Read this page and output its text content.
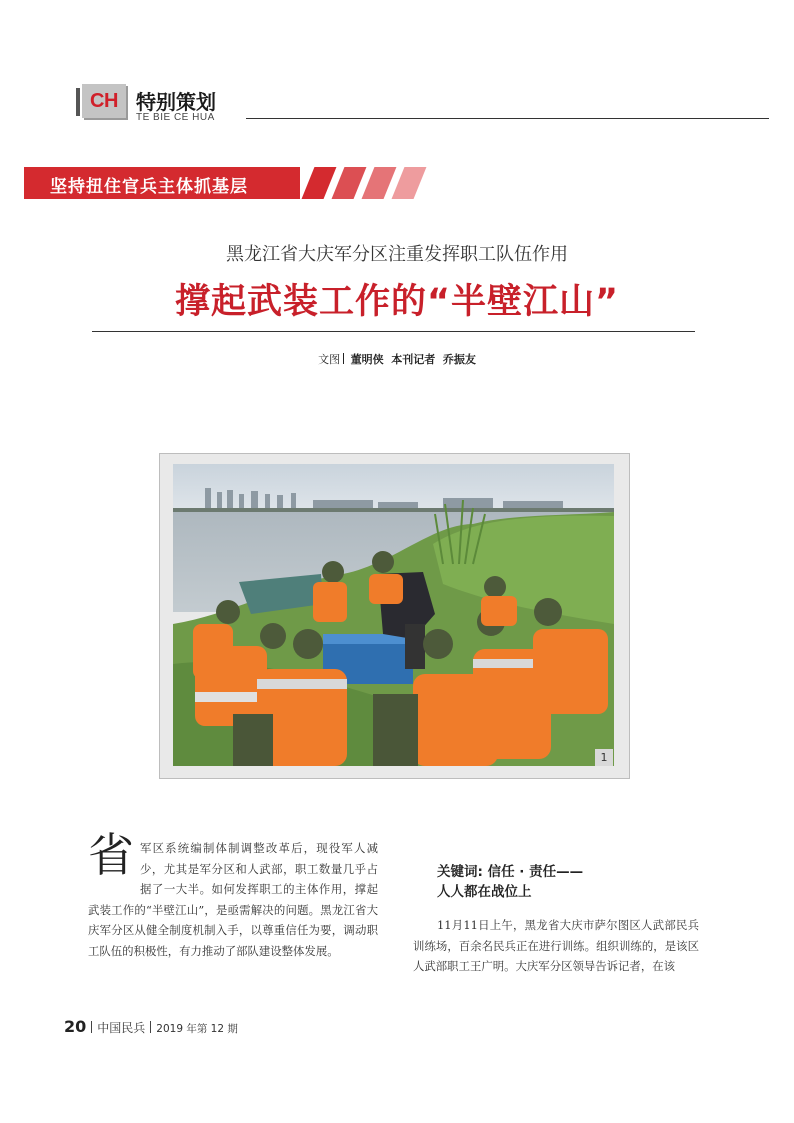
CH 特别策划
TE BIE CE HUA
坚持扭住官兵主体抓基层
黑龙江省大庆军分区注重发挥职工队伍作用
撑起武装工作的“半壁江山”
文图 董明侠  本刊记者  乔振友
1
省 军区系统编制体制调整改革后，现役军人减少，尤其是军分区和人武部，职工数量几乎占据了一大半。如何发挥职工的主体作用，撑起武装工作的“半壁江山”，是亟需解决的问题。黑龙江省大庆军分区从健全制度机制入手，以尊重信任为要，调动职工队伍的积极性，有力推动了部队建设整体发展。
关键词: 信任 · 责任——
人人都在战位上
11月11日上午，黑龙省大庆市萨尔图区人武部民兵训练场，百余名民兵正在进行训练。组织训练的，是该区人武部职工王广明。大庆军分区领导告诉记者，在该
20 中国民兵 2019 年第 12 期
